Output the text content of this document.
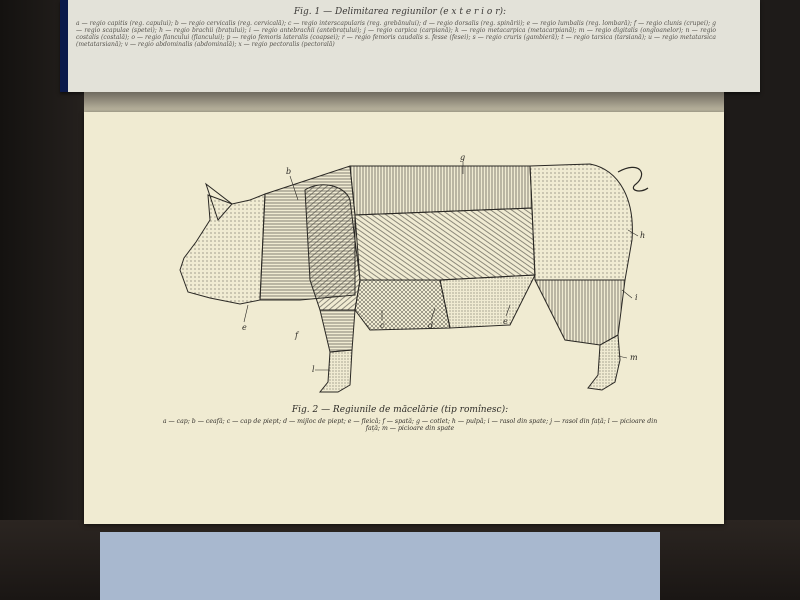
Fig. 1 — Delimitarea regiunilor (e x t e r i o r):
a — regio capitis (reg. capului); b — regio cervicalis (reg. cervicală); c — regio interscapularis (reg. grebănului); d — regio dorsalis (reg. spinării); e — regio lumbalis (reg. lombară); f — regio clunis (crupei); g — regio scapulae (spetei); h — regio brachii (brațului); i — regio antebrachii (antebrațului); j — regio carpica (carpiană); k — regio metacarpica (metacarpiană); m — regio digitalis (ongloanelor); n — regio costalis (costală); o — regio flancului (flancului); p — regio femoris lateralis (coapsei); r — regio femoris caudalis s. fesse (fesei); s — regio cruris (gambieră); t — regio tarsica (tarsiană); u — regio metatarsica (metatarsiană); v — regio abdominalis (abdominală); x — regio pectoralis (pectorală)
b
g
h
e	c	d	e
f
i
l
m
Fig. 2 — Regiunile de măcelărie (tip romînesc):
a — cap; b — ceafă; c — cap de piept; d — mijloc de piept; e — fleică; f — spată; g — cotlet; h — pulpă; i — rasol din spate; j — rasol din față; l — picioare din față; m — picioare din spate
